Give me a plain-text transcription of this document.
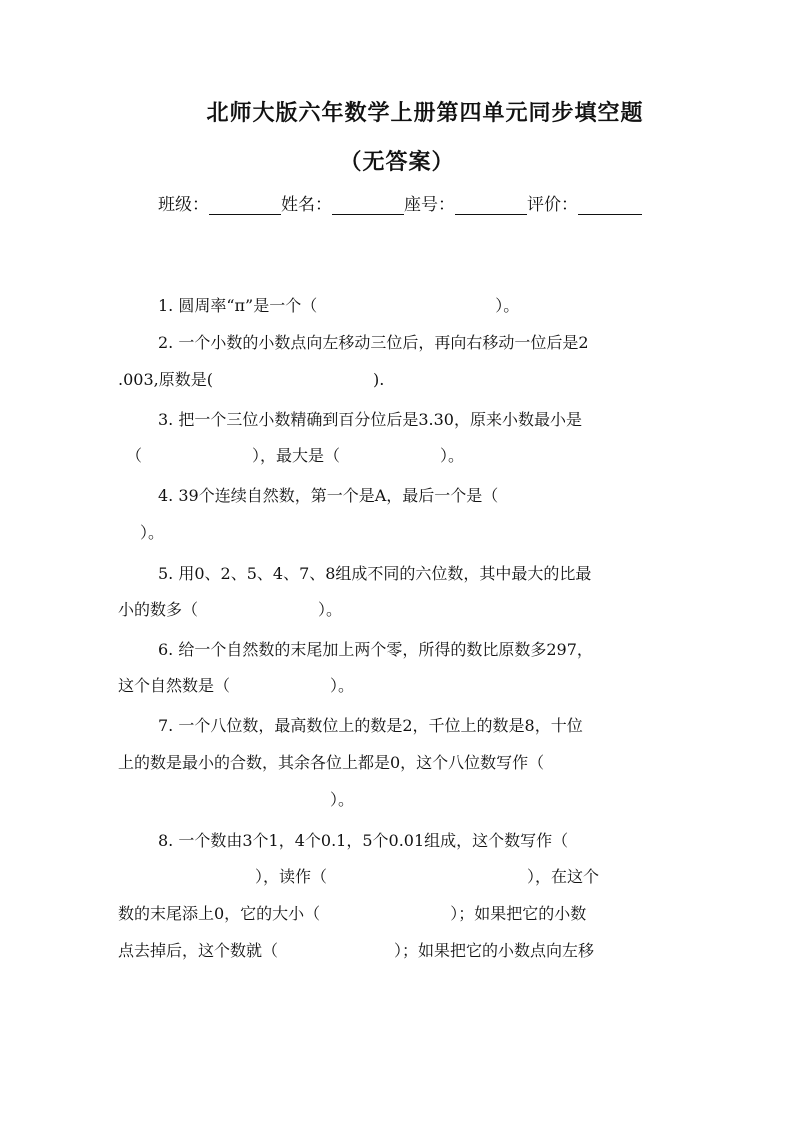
北师大版六年数学上册第四单元同步填空题
（无答案）
班级：	姓名：	座号：	评价：
1. 圆周率“π”是一个（	）。
2. 一个小数的小数点向左移动三位后，再向右移动一位后是2
.003,原数是(	).
3. 把一个三位小数精确到百分位后是3.30，原来小数最小是
（	），最大是（	）。
4. 39个连续自然数，第一个是A，最后一个是（
）。
5. 用0、2、5、4、7、8组成不同的六位数，其中最大的比最
小的数多（	）。
6. 给一个自然数的末尾加上两个零，所得的数比原数多297，
这个自然数是（	）。
7. 一个八位数，最高数位上的数是2，千位上的数是8，十位
上的数是最小的合数，其余各位上都是0，这个八位数写作（
）。
8. 一个数由3个1，4个0.1，5个0.01组成，这个数写作（
），读作（	），在这个
数的末尾添上0，它的大小（	）；如果把它的小数
点去掉后，这个数就（	）；如果把它的小数点向左移
